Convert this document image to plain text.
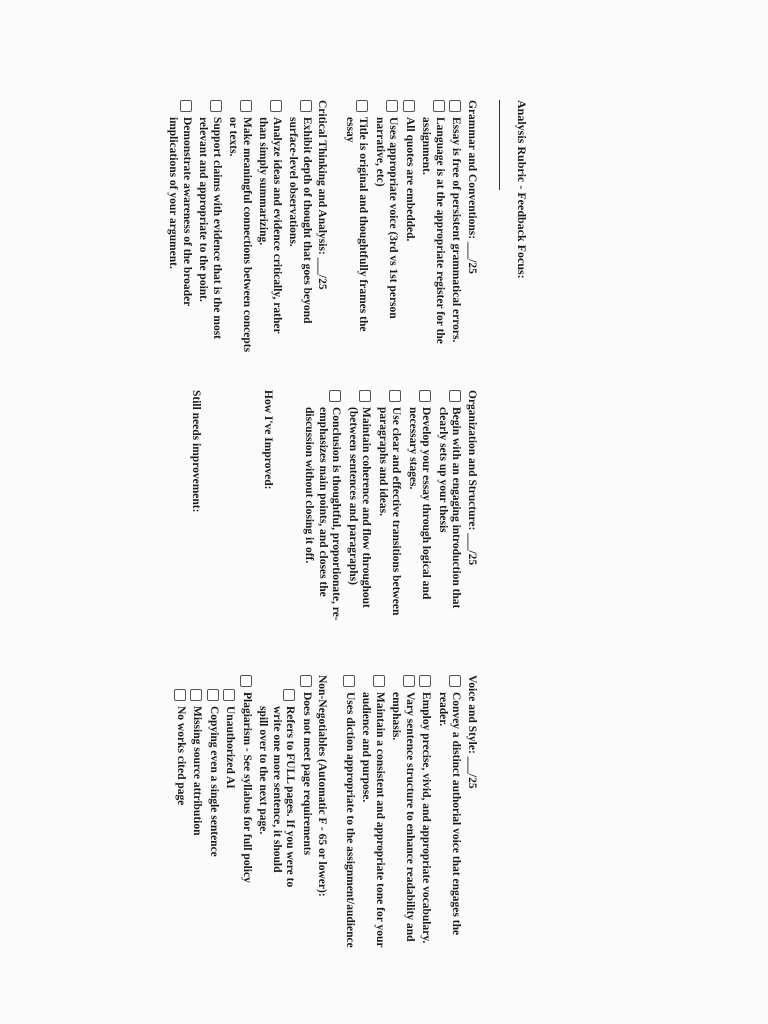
Analysis Rubric - Feedback Focus:
Grammar and Conventions: ___/25
Essay is free of persistent grammatical errors.
Language is at the appropriate register for the assignment.
All quotes are embedded.
Uses appropriate voice (3rd vs 1st person narrative, etc)
Title is original and thoughtfully frames the essay
Critical Thinking and Analysis: ___/25
Exhibit depth of thought that goes beyond surface-level observations.
Analyze ideas and evidence critically, rather than simply summarizing.
Make meaningful connections between concepts or texts.
Support claims with evidence that is the most relevant and appropriate to the point.
Demonstrate awareness of the broader implications of your argument.
Organization and Structure: ___/25
Begin with an engaging introduction that clearly sets up your thesis
Develop your essay through logical and necessary stages.
Use clear and effective transitions between paragraphs and ideas.
Maintain coherence and flow throughout (between sentences and paragraphs)
Conclusion is thoughtful, proportionate, re-emphasizes main points, and closes the discussion without closing it off.
How I've Improved:
Still needs improvement:
Voice and Style: ___/25
Convey a distinct authorial voice that engages the reader.
Employ precise, vivid, and appropriate vocabulary.
Vary sentence structure to enhance readability and emphasis.
Maintain a consistent and appropriate tone for your audience and purpose.
Uses diction appropriate to the assignment/audience
Non-Negotiables (Automatic F - 65 or lower):
Does not meet page requirements
Refers to FULL pages. If you were to write one more sentence, it should spill over to the next page.
Plagiarism - See syllabus for full policy
Unauthorized AI
Copying even a single sentence
Missing source attribution
No works cited page
